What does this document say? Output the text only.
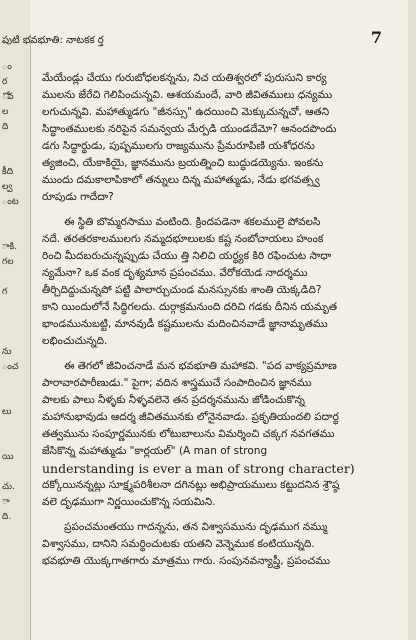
ం
ర
ోవ
ల
ది
కీది
ల్వ
ంట
ాకి.
గల
గ
ను
ంచ
లు
యి
చు.
ా
ది.
పుటి భవభూతి: నాటకక ర్త	7
మేయేండ్లు చేయు గురుబోధలకన్నను, నిచ యతిశ్వరలో పురుసుని కార్య
ములను జేరేచి గెలిపించున్నవి. ఆశయమందే, వారి జీవితములు ధన్యము
లగుచున్నవి. మహాత్ముడగు "జీనస్సు" ఉదయించి మెక్కుచున్నచో, ఆతని
సిద్ధాంతములకు నరిపైన సమన్వయ మేర్పడి యుండదేమో? ఆనందపొందు
డగు సిద్ధార్థుడు, పుష్పములగు రాజ్యమును ప్రేమరూపిణి యశోధరను
త్యజించి, యేకాకియై, జ్ఞానమును బ్రయత్నించి బుద్ధుడయ్యెను. ఇంకను
ముందు దమకాలాపికాలో తన్నులు దిన్న మహాత్ముడు, నేడు భగవత్స్వ
రూపుడు గాదేదా?
ఈ స్థితి బొమ్మరసాము వంటింది. క్రిందపడెనా శకలములై పోవలసి
నదే. తరతరకాలములగు నమ్మదభూలులకు కష్ట నంబోచాయలు హంంక
రించి మీదబరుచున్నప్పుడు చేయు త్తి నిలిచి యర్థ్యక కిరి రఫించుట సాధా
న్యమేనా? ఒక వంక దృశ్యమాన ప్రపంచము. వేరోకయెడ నాదర్శము
తీర్చిదిద్దుచున్నపో పట్టి పాలార్చుచుండ మనస్సునకు శాంతి యెక్కడిది?
కాని యిందులోనే సిద్ధిగలదు. దుర్గాక్రమనుంది దరిచి గడకు దీనిన యమృత
భాండమునుబట్టి, మానవుడీ కష్టములను మదించినవాడే జ్ఞానామృతము
లభించుచున్నది.
ఈ తెగలో జీవించనాడే మన భవభూతి మహాకవి. "పద వాక్యప్రమాణ
పారావారపారీణుడు." పైగా; వదిన శాస్త్రముచే సంపాదించిన జ్ఞానము
పాలకు పాలు నీళ్ళకు నీళ్ళవలెనె తన ప్రదర్శనమును జోడించుకొన్న
మహానుభావుడు ఆదర్శ జీవితమునకు లోనైనవాడు. ప్రకృతియందలి పదార్థ
తత్వమును సంపూర్ణమునకు లోటుబాలును విమర్శించి చక్కగ నవగతము
జేసికొన్న మహాత్ముడు "కార్లయల్" (A man of strong
understanding is ever a man of strong character)
దక్కోయినన్నట్లు సూక్ష్మపరిశీలనా దగినట్లు అభిప్రాయములు కట్టుదనిన శ్రౌష్ఠ
వలె దృఢముగా నిర్ణయించుకొన్న సయమిని.
ప్రపంచమంతయు గాదన్నను, తన విశ్వాసమును దృఢముగ నమ్ము
విశ్వాసము, దానిని సమర్థించుటకు యతని వెన్నెముక కంటియున్నది.
భవభూతి యొక్కగాతగారు మాత్రము గారు. సంపునవన్యాప్త్రీ, ప్రపంచము
